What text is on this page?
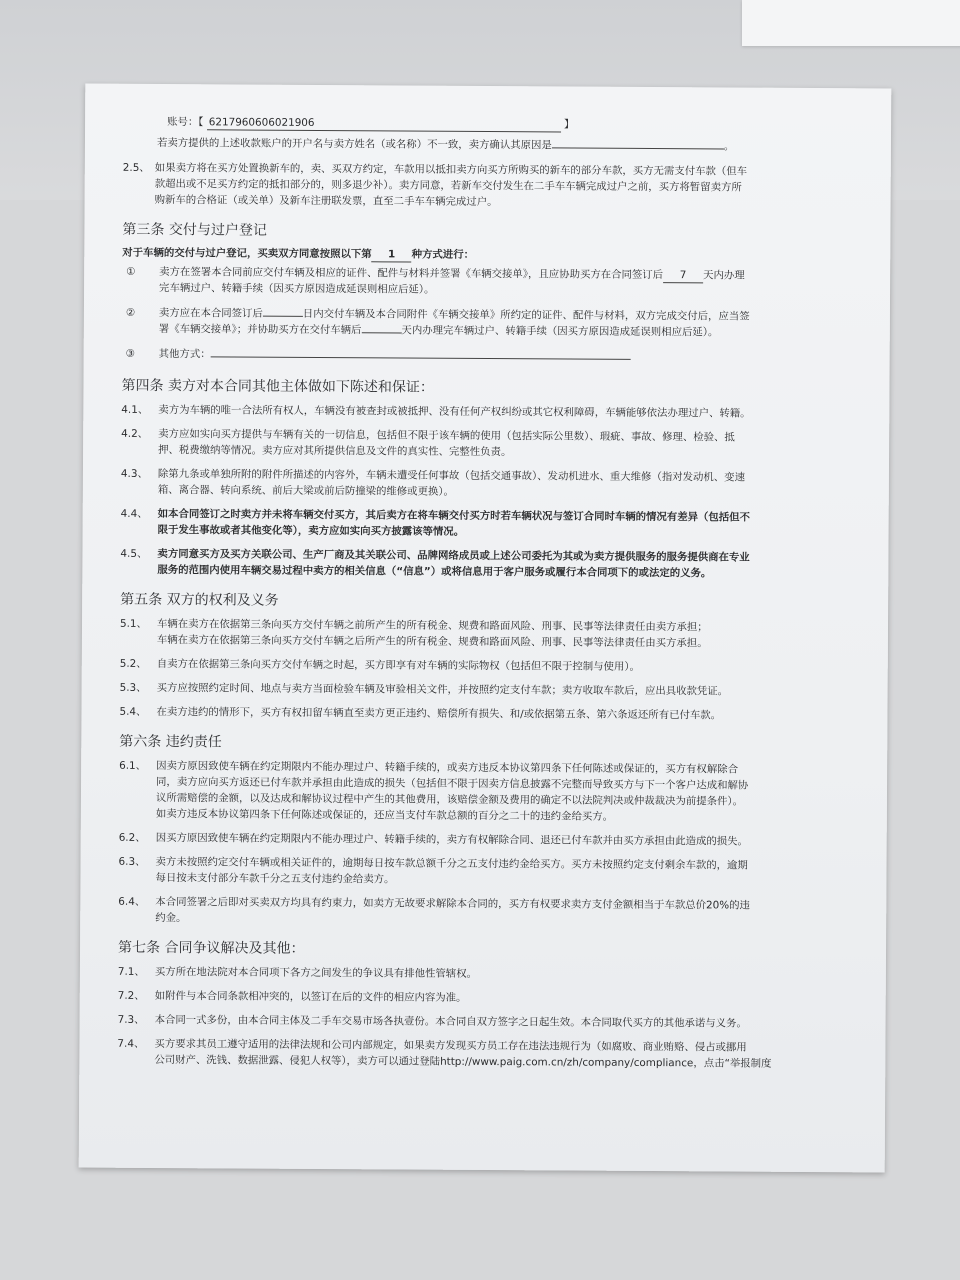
账号：【 6217960606021906	】
若卖方提供的上述收款账户的开户名与卖方姓名（或名称）不一致，卖方确认其原因是	。
2.5、 如果卖方将在买方处置换新车的，卖、买双方约定，车款用以抵扣卖方向买方所购买的新车的部分车款，买方无需支付车款（但车
款超出或不足买方约定的抵扣部分的，则多退少补）。卖方同意，若新车交付发生在二手车车辆完成过户之前，买方将暂留卖方所
购新车的合格证（或关单）及新车注册联发票，直至二手车车辆完成过户。
第三条 交付与过户登记
对于车辆的交付与过户登记，买卖双方同意按照以下第 1 种方式进行：
① 卖方在签署本合同前应交付车辆及相应的证件、配件与材料并签署《车辆交接单》，且应协助买方在合同签订后 7 天内办理
完车辆过户、转籍手续（因买方原因造成延误则相应后延）。
② 卖方应在本合同签订后	日内交付车辆及本合同附件《车辆交接单》所约定的证件、配件与材料，双方完成交付后，应当签
署《车辆交接单》；并协助买方在交付车辆后	天内办理完车辆过户、转籍手续（因买方原因造成延误则相应后延）。
③ 其他方式：
第四条 卖方对本合同其他主体做如下陈述和保证：
4.1、 卖方为车辆的唯一合法所有权人，车辆没有被查封或被抵押、没有任何产权纠纷或其它权利障碍，车辆能够依法办理过户、转籍。
4.2、 卖方应如实向买方提供与车辆有关的一切信息，包括但不限于该车辆的使用（包括实际公里数）、瑕疵、事故、修理、检验、抵
押、税费缴纳等情况。卖方应对其所提供信息及文件的真实性、完整性负责。
4.3、 除第九条或单独所附的附件所描述的内容外，车辆未遭受任何事故（包括交通事故）、发动机进水、重大维修（指对发动机、变速
箱、离合器、转向系统、前后大梁或前后防撞梁的维修或更换）。
4.4、 如本合同签订之时卖方并未将车辆交付买方，其后卖方在将车辆交付买方时若车辆状况与签订合同时车辆的情况有差异（包括但不
限于发生事故或者其他变化等），卖方应如实向买方披露该等情况。
4.5、 卖方同意买方及买方关联公司、生产厂商及其关联公司、品牌网络成员或上述公司委托为其或为卖方提供服务的服务提供商在专业
服务的范围内使用车辆交易过程中卖方的相关信息（“信息”）或将信息用于客户服务或履行本合同项下的或法定的义务。
第五条 双方的权利及义务
5.1、 车辆在卖方在依据第三条向买方交付车辆之前所产生的所有税金、规费和路面风险、刑事、民事等法律责任由卖方承担；
车辆在卖方在依据第三条向买方交付车辆之后所产生的所有税金、规费和路面风险、刑事、民事等法律责任由买方承担。
5.2、 自卖方在依据第三条向买方交付车辆之时起，买方即享有对车辆的实际物权（包括但不限于控制与使用）。
5.3、 买方应按照约定时间、地点与卖方当面检验车辆及审验相关文件，并按照约定支付车款；卖方收取车款后，应出具收款凭证。
5.4、 在卖方违约的情形下，买方有权扣留车辆直至卖方更正违约、赔偿所有损失、和/或依据第五条、第六条返还所有已付车款。
第六条 违约责任
6.1、 因卖方原因致使车辆在约定期限内不能办理过户、转籍手续的，或卖方违反本协议第四条下任何陈述或保证的，买方有权解除合
同，卖方应向买方返还已付车款并承担由此造成的损失（包括但不限于因卖方信息披露不完整而导致买方与下一个客户达成和解协
议所需赔偿的金额，以及达成和解协议过程中产生的其他费用，该赔偿金额及费用的确定不以法院判决或仲裁裁决为前提条件）。
如卖方违反本协议第四条下任何陈述或保证的，还应当支付车款总额的百分之二十的违约金给买方。
6.2、 因买方原因致使车辆在约定期限内不能办理过户、转籍手续的，卖方有权解除合同、退还已付车款并由买方承担由此造成的损失。
6.3、 卖方未按照约定交付车辆或相关证件的，逾期每日按车款总额千分之五支付违约金给买方。买方未按照约定支付剩余车款的，逾期
每日按未支付部分车款千分之五支付违约金给卖方。
6.4、 本合同签署之后即对买卖双方均具有约束力，如卖方无故要求解除本合同的，买方有权要求卖方支付金额相当于车款总价20%的违
约金。
第七条 合同争议解决及其他：
7.1、 买方所在地法院对本合同项下各方之间发生的争议具有排他性管辖权。
7.2、 如附件与本合同条款相冲突的，以签订在后的文件的相应内容为准。
7.3、 本合同一式多份，由本合同主体及二手车交易市场各执壹份。本合同自双方签字之日起生效。本合同取代买方的其他承诺与义务。
7.4、 买方要求其员工遵守适用的法律法规和公司内部规定，如果卖方发现买方员工存在违法违规行为（如腐败、商业贿赂、侵占或挪用
公司财产、洗钱、数据泄露、侵犯人权等），卖方可以通过登陆http://www.paig.com.cn/zh/company/compliance，点击“举报制度
